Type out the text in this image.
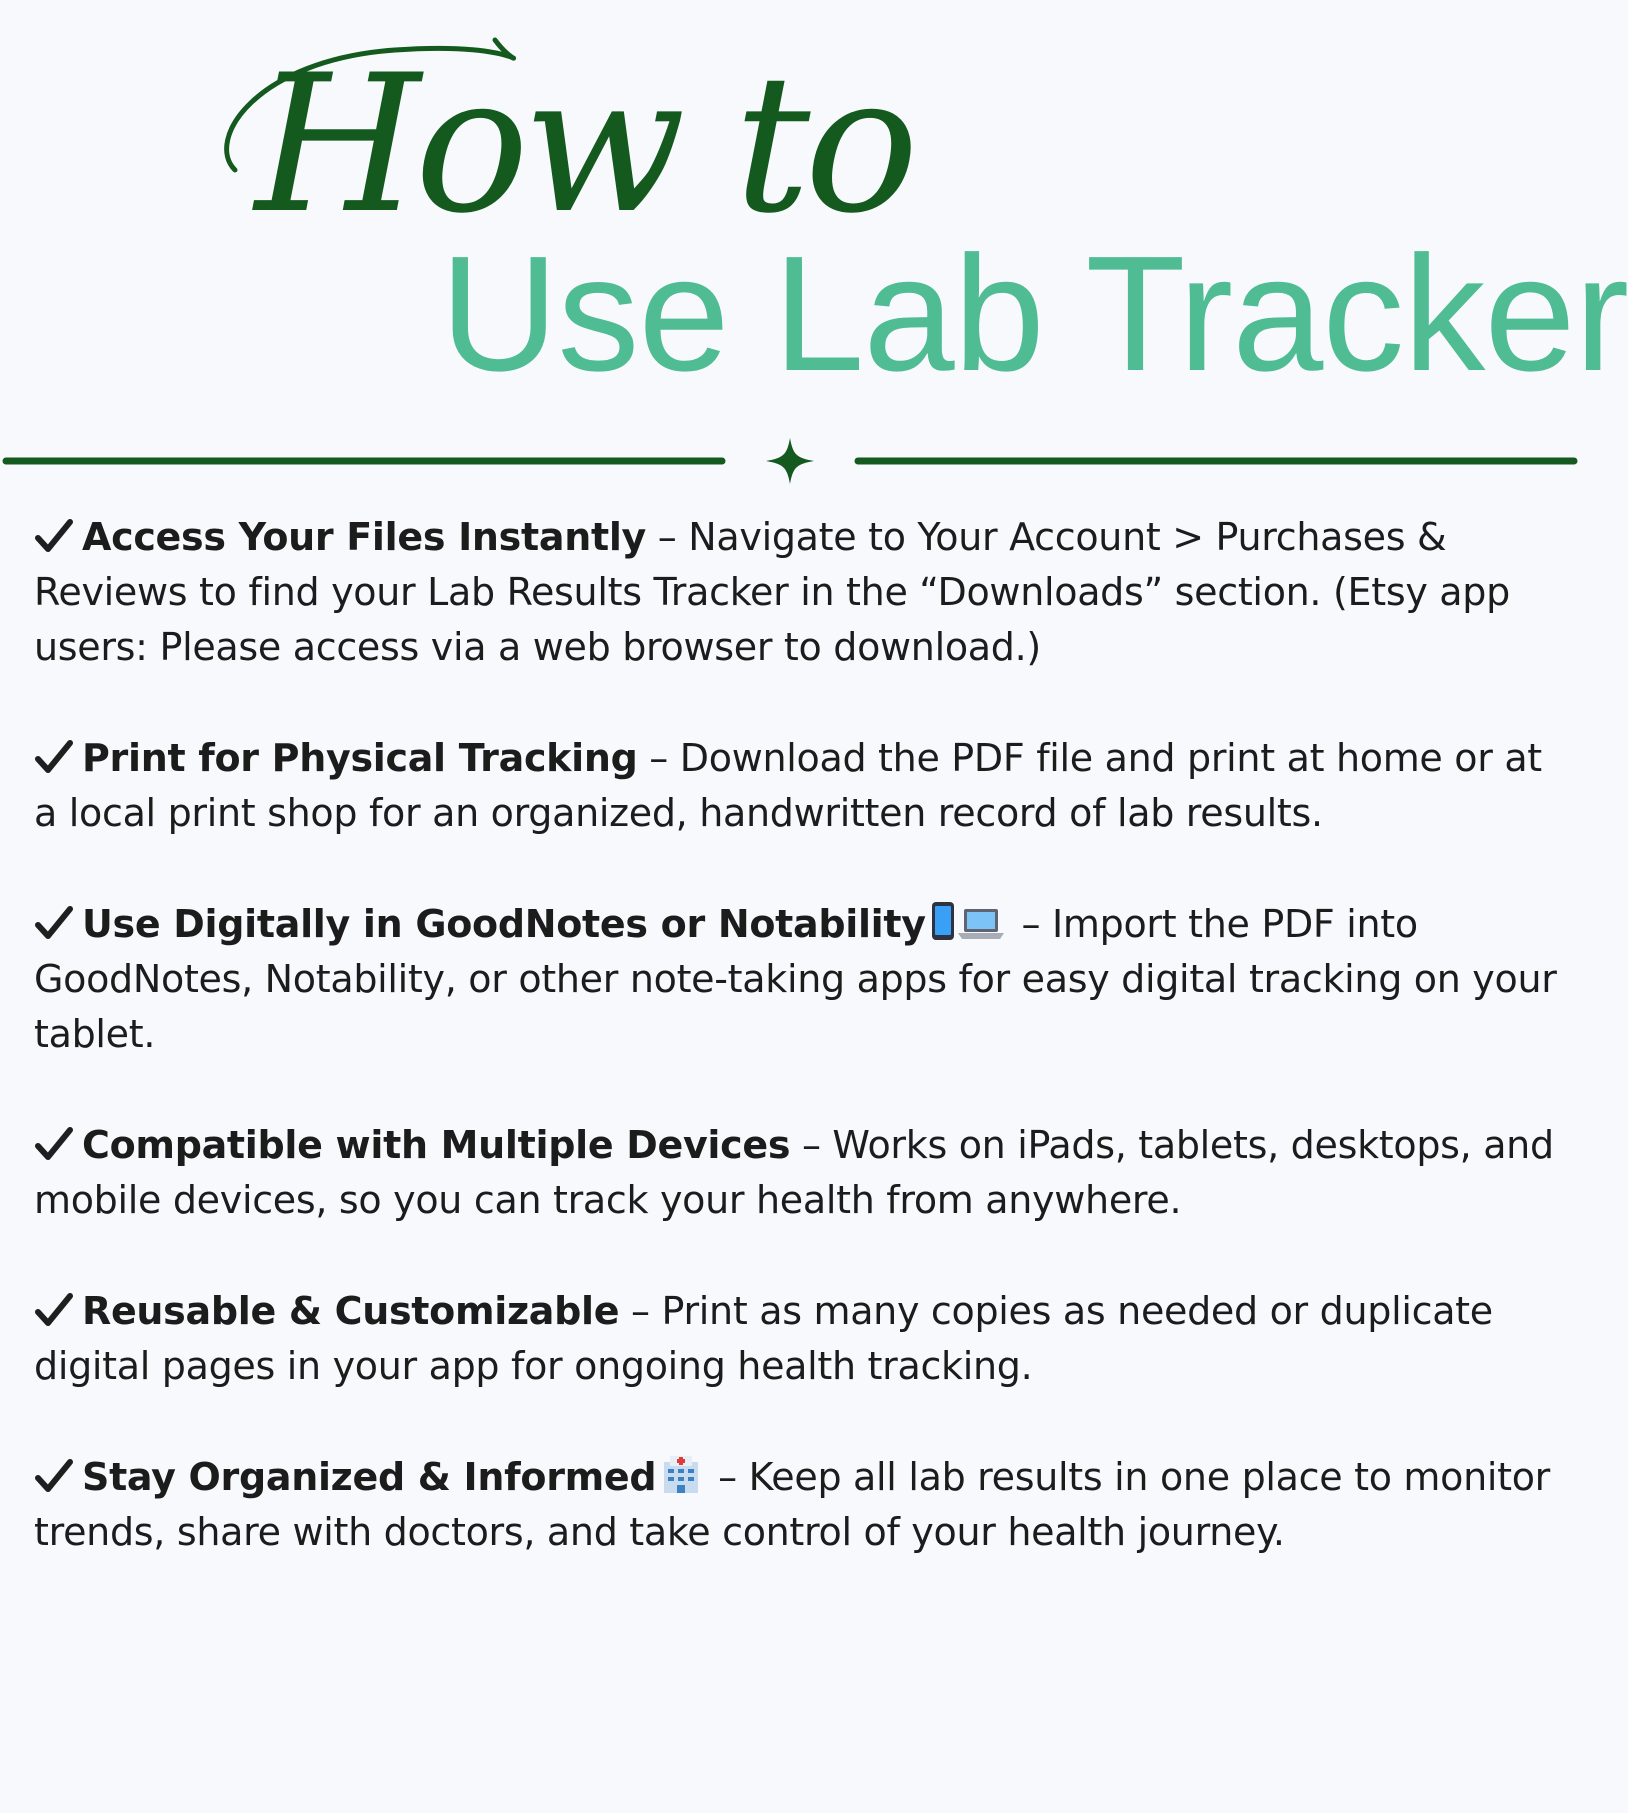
How to
Use Lab Tracker

Access Your Files Instantly – Navigate to Your Account > Purchases & Reviews to find your Lab Results Tracker in the “Downloads” section. (Etsy app users: Please access via a web browser to download.)

Print for Physical Tracking – Download the PDF file and print at home or at a local print shop for an organized, handwritten record of lab results.

Use Digitally in GoodNotes or Notability
– Import the PDF into GoodNotes, Notability, or other note-taking apps for easy digital tracking on your tablet.

Compatible with Multiple Devices – Works on iPads, tablets, desktops, and mobile devices, so you can track your health from anywhere.

Reusable & Customizable – Print as many copies as needed or duplicate digital pages in your app for ongoing health tracking.

Stay Organized & Informed
– Keep all lab results in one place to monitor trends, share with doctors, and take control of your health journey.
